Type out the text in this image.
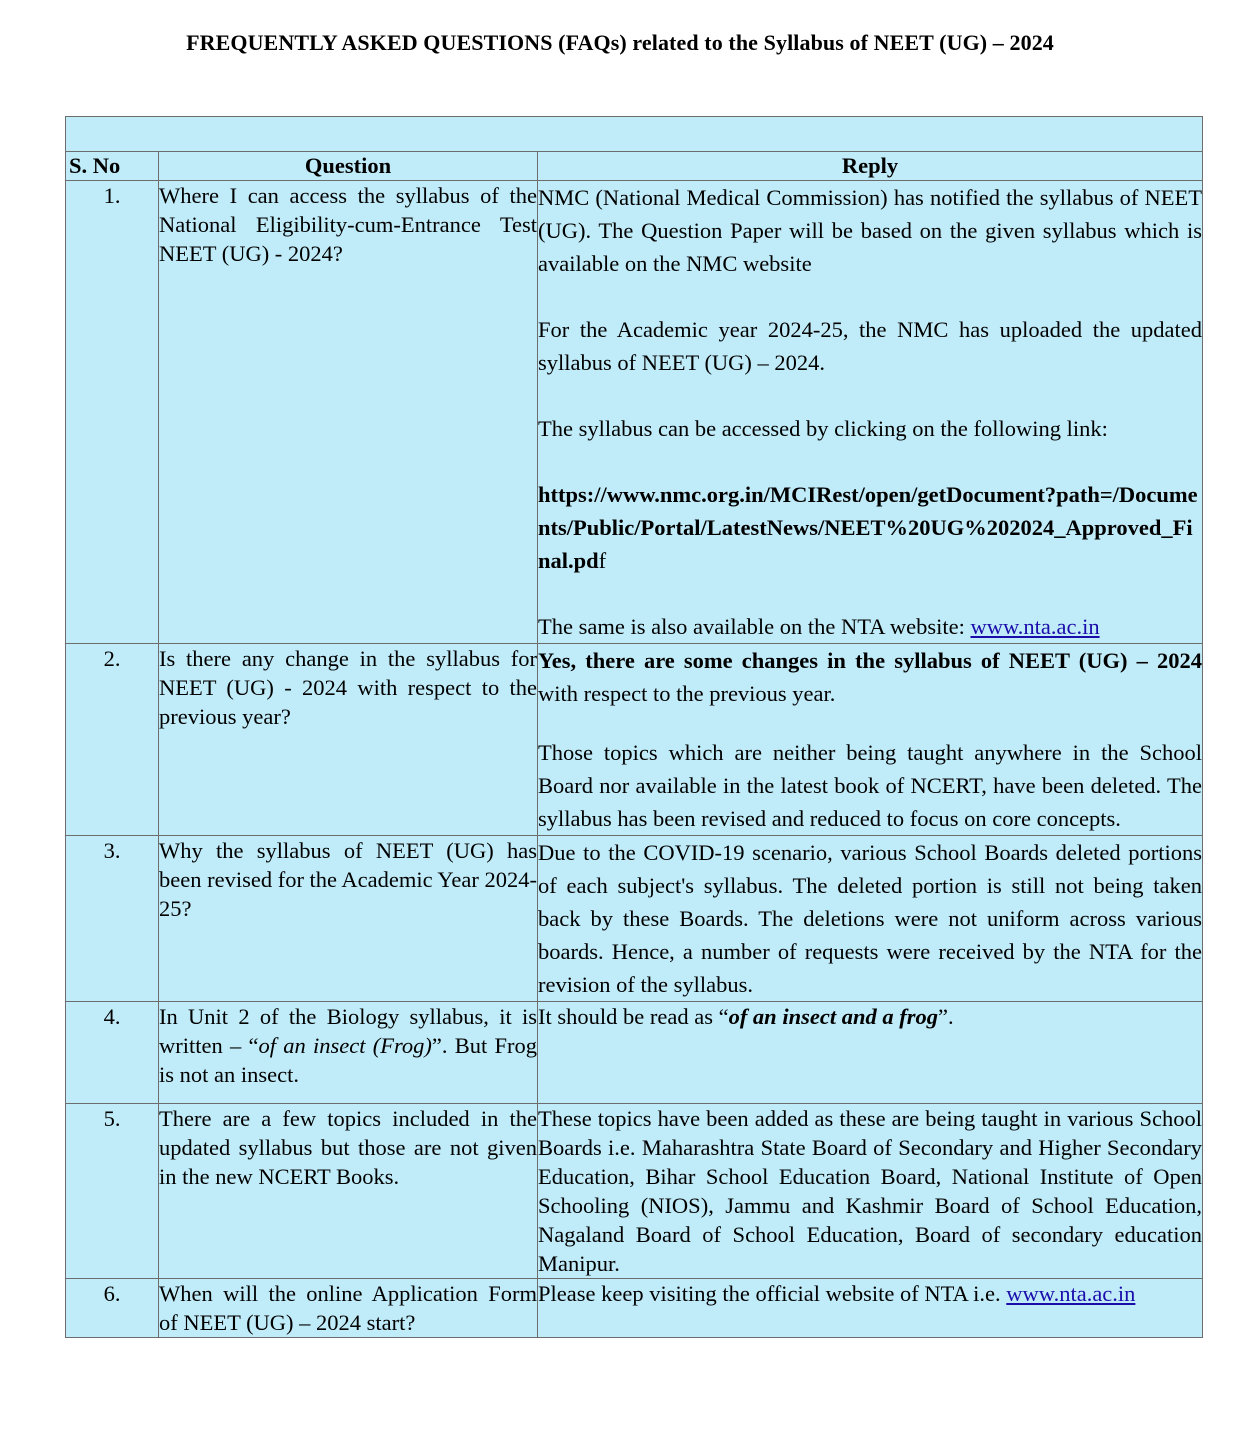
FREQUENTLY ASKED QUESTIONS (FAQs) related to the Syllabus of NEET (UG) – 2024

S. No	Question	Reply
1.	Where I can access the syllabus of the National Eligibility-cum-Entrance Test NEET (UG) - 2024?	NMC (National Medical Commission) has notified the syllabus of NEET (UG). The Question Paper will be based on the given syllabus which is available on the NMC website

For the Academic year 2024-25, the NMC has uploaded the updated syllabus of NEET (UG) – 2024.

The syllabus can be accessed by clicking on the following link:

https://www.nmc.org.in/MCIRest/open/getDocument?path=/Documents/Public/Portal/LatestNews/NEET%20UG%202024_Approved_Final.pdf

The same is also available on the NTA website: www.nta.ac.in

2.	Is there any change in the syllabus for NEET (UG) - 2024 with respect to the previous year?	Yes, there are some changes in the syllabus of NEET (UG) – 2024 with respect to the previous year.

Those topics which are neither being taught anywhere in the School Board nor available in the latest book of NCERT, have been deleted. The syllabus has been revised and reduced to focus on core concepts.

3.	Why the syllabus of NEET (UG) has been revised for the Academic Year 2024-25?	Due to the COVID-19 scenario, various School Boards deleted portions of each subject's syllabus. The deleted portion is still not being taken back by these Boards. The deletions were not uniform across various boards. Hence, a number of requests were received by the NTA for the revision of the syllabus.

4.	In Unit 2 of the Biology syllabus, it is written – “of an insect (Frog)”. But Frog is not an insect.	It should be read as “of an insect and a frog”.
5.	There are a few topics included in the updated syllabus but those are not given in the new NCERT Books.	These topics have been added as these are being taught in various School Boards i.e. Maharashtra State Board of Secondary and Higher Secondary Education, Bihar School Education Board, National Institute of Open Schooling (NIOS), Jammu and Kashmir Board of School Education, Nagaland Board of School Education, Board of secondary education Manipur.
6.	When will the online Application Form of NEET (UG) – 2024 start?	Please keep visiting the official website of NTA i.e. www.nta.ac.in
